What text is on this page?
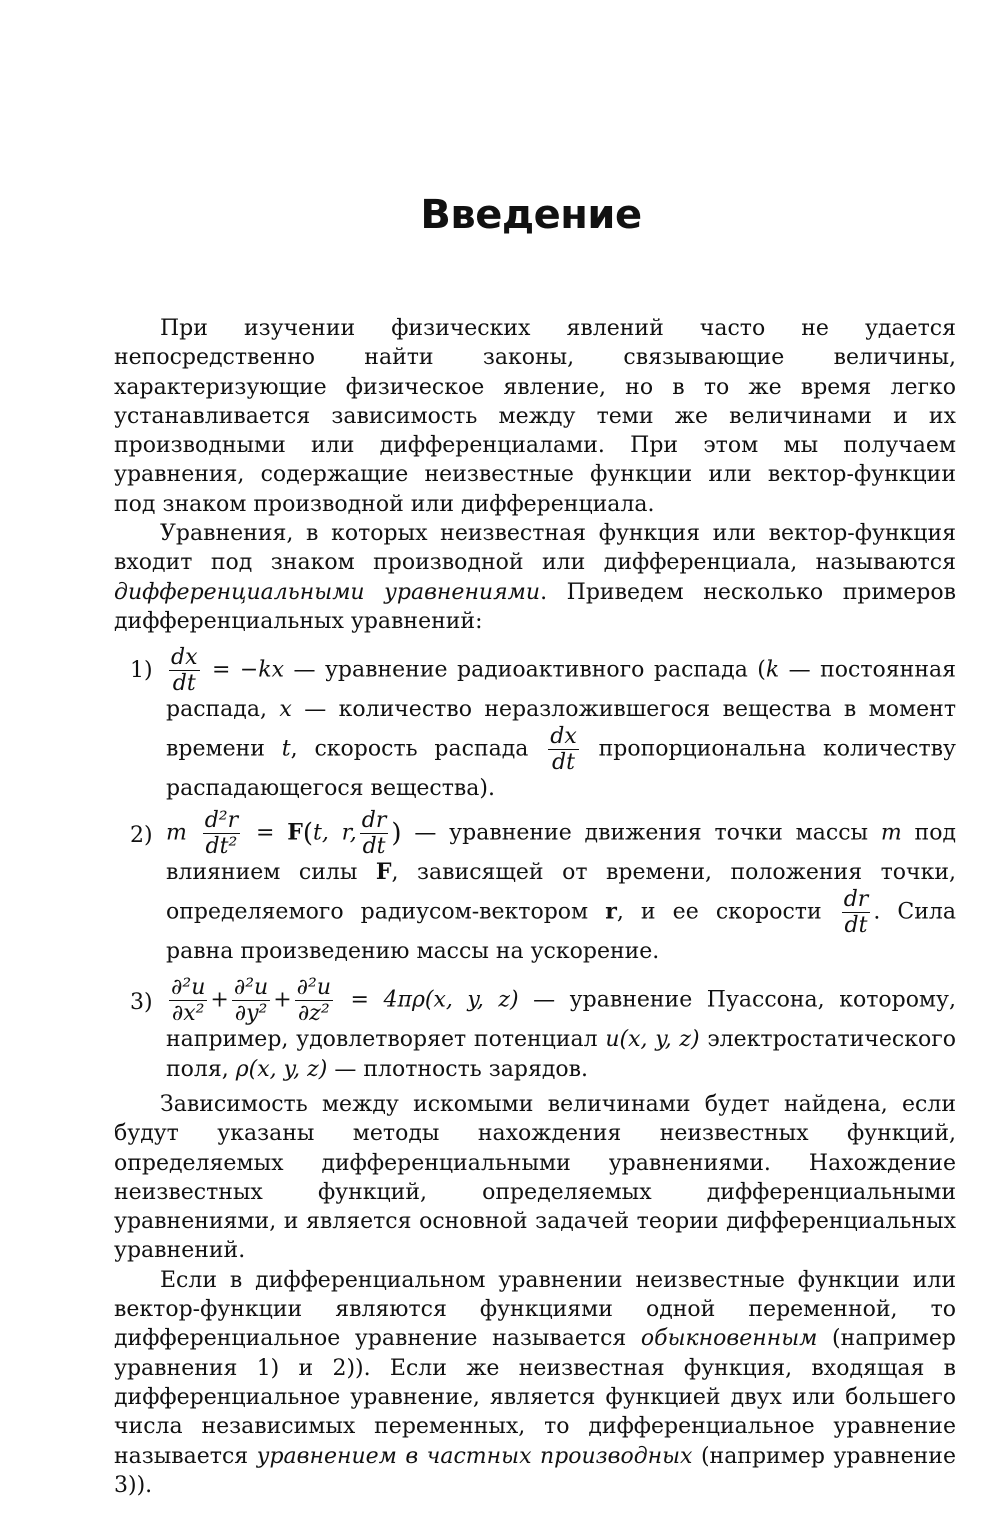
Введение

При изучении физических явлений часто не удается непосредственно найти законы, связывающие величины, характеризующие физическое явление, но в то же время легко устанавливается зависимость между теми же величинами и их производными или дифференциалами. При этом мы получаем уравнения, содержащие неизвестные функции или вектор-функции под знаком производной или дифференциала.

Уравнения, в которых неизвестная функция или вектор-функция входит под знаком производной или дифференциала, называются дифференциальными уравнениями. Приведем несколько примеров дифференциальных уравнений:

$1) \frac{dx}{dt} = -kx$ — уравнение радиоактивного распада (k — постоянная распада, x — количество неразложившегося вещества в момент времени t, скорость распада $\frac{dx}{dt}$ пропорциональна количеству распадающегося вещества).
2) m $\frac{\text{d²r}}{\text{dt²}} = F(t$, r, $\frac{dr}{dt}$ ) — уравнение движения точки массы m под влиянием силы F, зависящей от времени, положения точки, определяемого радиусом-вектором r, и ее скорости $\frac{dr}{dt}$ . Сила равна произведению массы на ускорение.
$3) \frac{\text{∂²u}}{\text{∂x²}} + \frac{\text{∂²u}}{\text{∂y²}} + \frac{\text{∂²u}}{\text{∂z²}} = 4\pi\rho(x$, y, z) — уравнение Пуассона, которому, например, удовлетворяет потенциал u(x, y, z) электростатического поля, ρ(x, y, z) — плотность зарядов.

Зависимость между искомыми величинами будет найдена, если будут указаны методы нахождения неизвестных функций, определяемых дифференциальными уравнениями. Нахождение неизвестных функций, определяемых дифференциальными уравнениями, и является основной задачей теории дифференциальных уравнений.

Если в дифференциальном уравнении неизвестные функции или вектор-функции являются функциями одной переменной, то дифференциальное уравнение называется обыкновенным (например уравнения 1) и 2)). Если же неизвестная функция, входящая в дифференциальное уравнение, является функцией двух или большего числа независимых переменных, то дифференциальное уравнение называется уравнением в частных производных (например уравнение 3)).
